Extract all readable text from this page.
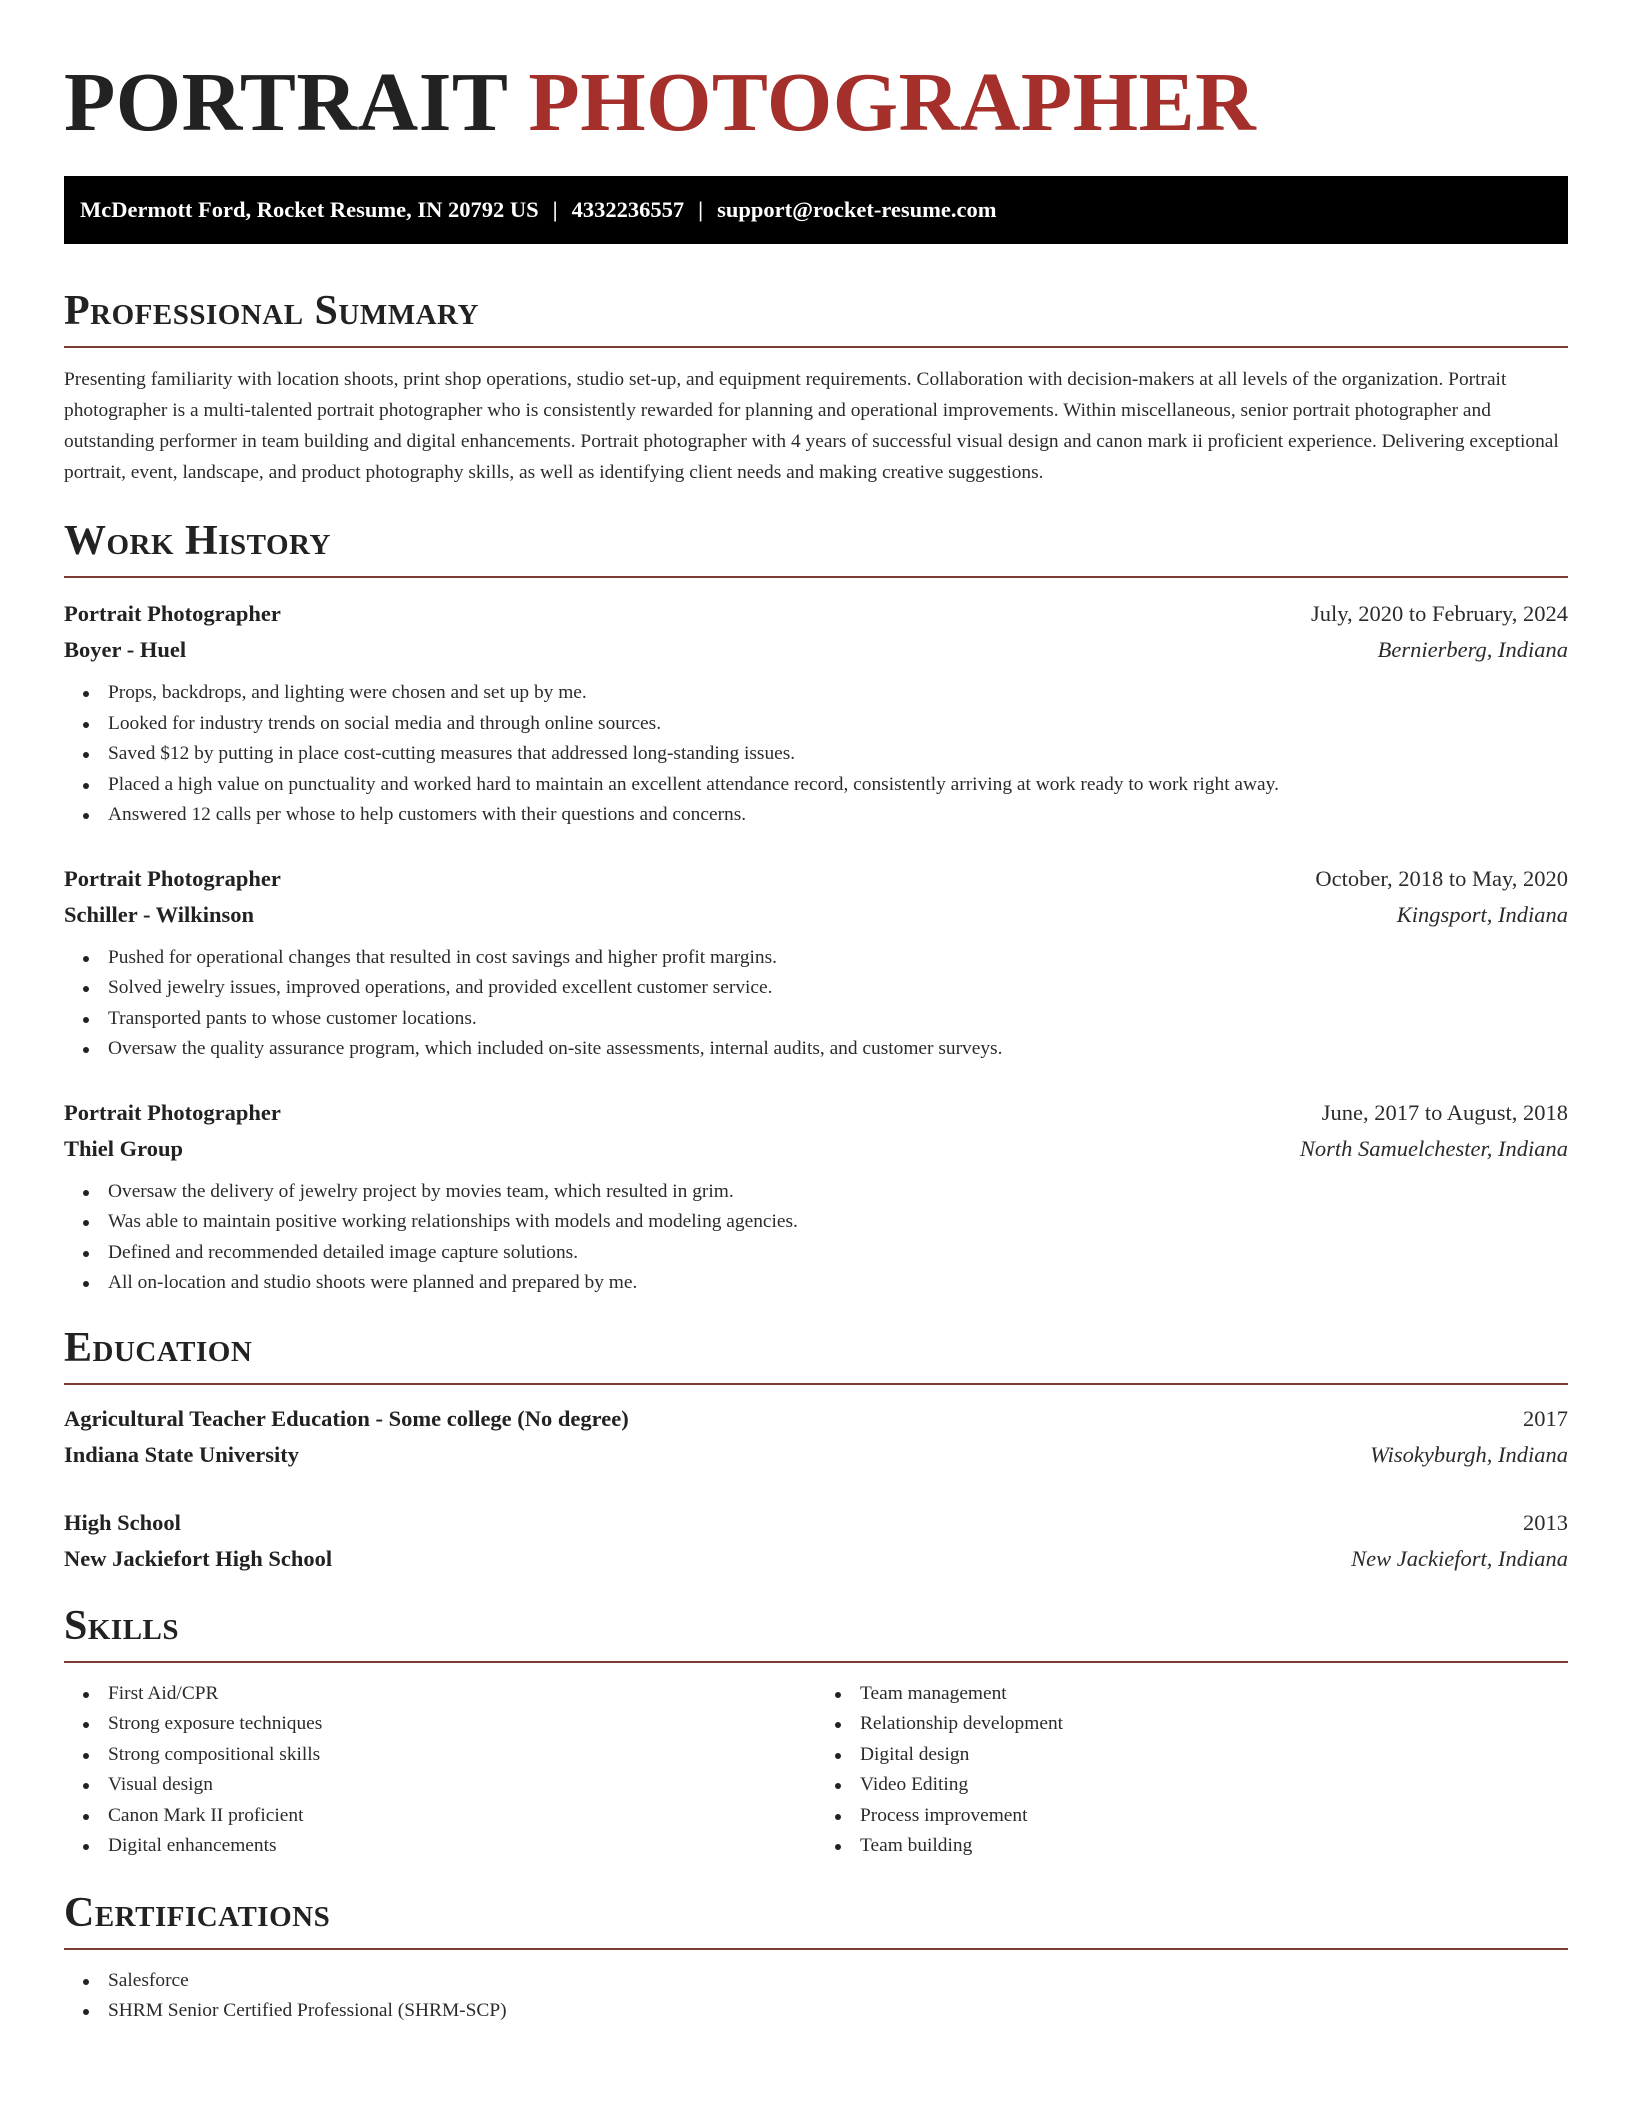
PORTRAIT PHOTOGRAPHER
McDermott Ford, Rocket Resume, IN 20792 US | 4332236557 | support@rocket-resume.com
Professional Summary

Presenting familiarity with location shoots, print shop operations, studio set-up, and equipment requirements. Collaboration with decision-makers at all levels of the organization. Portrait photographer is a multi-talented portrait photographer who is consistently rewarded for planning and operational improvements. Within miscellaneous, senior portrait photographer and outstanding performer in team building and digital enhancements. Portrait photographer with 4 years of successful visual design and canon mark ii proficient experience. Delivering exceptional portrait, event, landscape, and product photography skills, as well as identifying client needs and making creative suggestions.

Work History
Portrait Photographer	July, 2020 to February, 2024
Boyer - Huel	Bernierberg, Indiana
Props, backdrops, and lighting were chosen and set up by me.
Looked for industry trends on social media and through online sources.
Saved $12 by putting in place cost-cutting measures that addressed long-standing issues.
Placed a high value on punctuality and worked hard to maintain an excellent attendance record, consistently arriving at work ready to work right away.
Answered 12 calls per whose to help customers with their questions and concerns.
Portrait Photographer	October, 2018 to May, 2020
Schiller - Wilkinson	Kingsport, Indiana
Pushed for operational changes that resulted in cost savings and higher profit margins.
Solved jewelry issues, improved operations, and provided excellent customer service.
Transported pants to whose customer locations.
Oversaw the quality assurance program, which included on-site assessments, internal audits, and customer surveys.
Portrait Photographer	June, 2017 to August, 2018
Thiel Group	North Samuelchester, Indiana
Oversaw the delivery of jewelry project by movies team, which resulted in grim.
Was able to maintain positive working relationships with models and modeling agencies.
Defined and recommended detailed image capture solutions.
All on-location and studio shoots were planned and prepared by me.
Education
Agricultural Teacher Education - Some college (No degree)	2017
Indiana State University	Wisokyburgh, Indiana
High School	2013
New Jackiefort High School	New Jackiefort, Indiana
Skills
First Aid/CPR
Strong exposure techniques
Strong compositional skills
Visual design
Canon Mark II proficient
Digital enhancements
Team management
Relationship development
Digital design
Video Editing
Process improvement
Team building
Certifications
Salesforce
SHRM Senior Certified Professional (SHRM-SCP)
